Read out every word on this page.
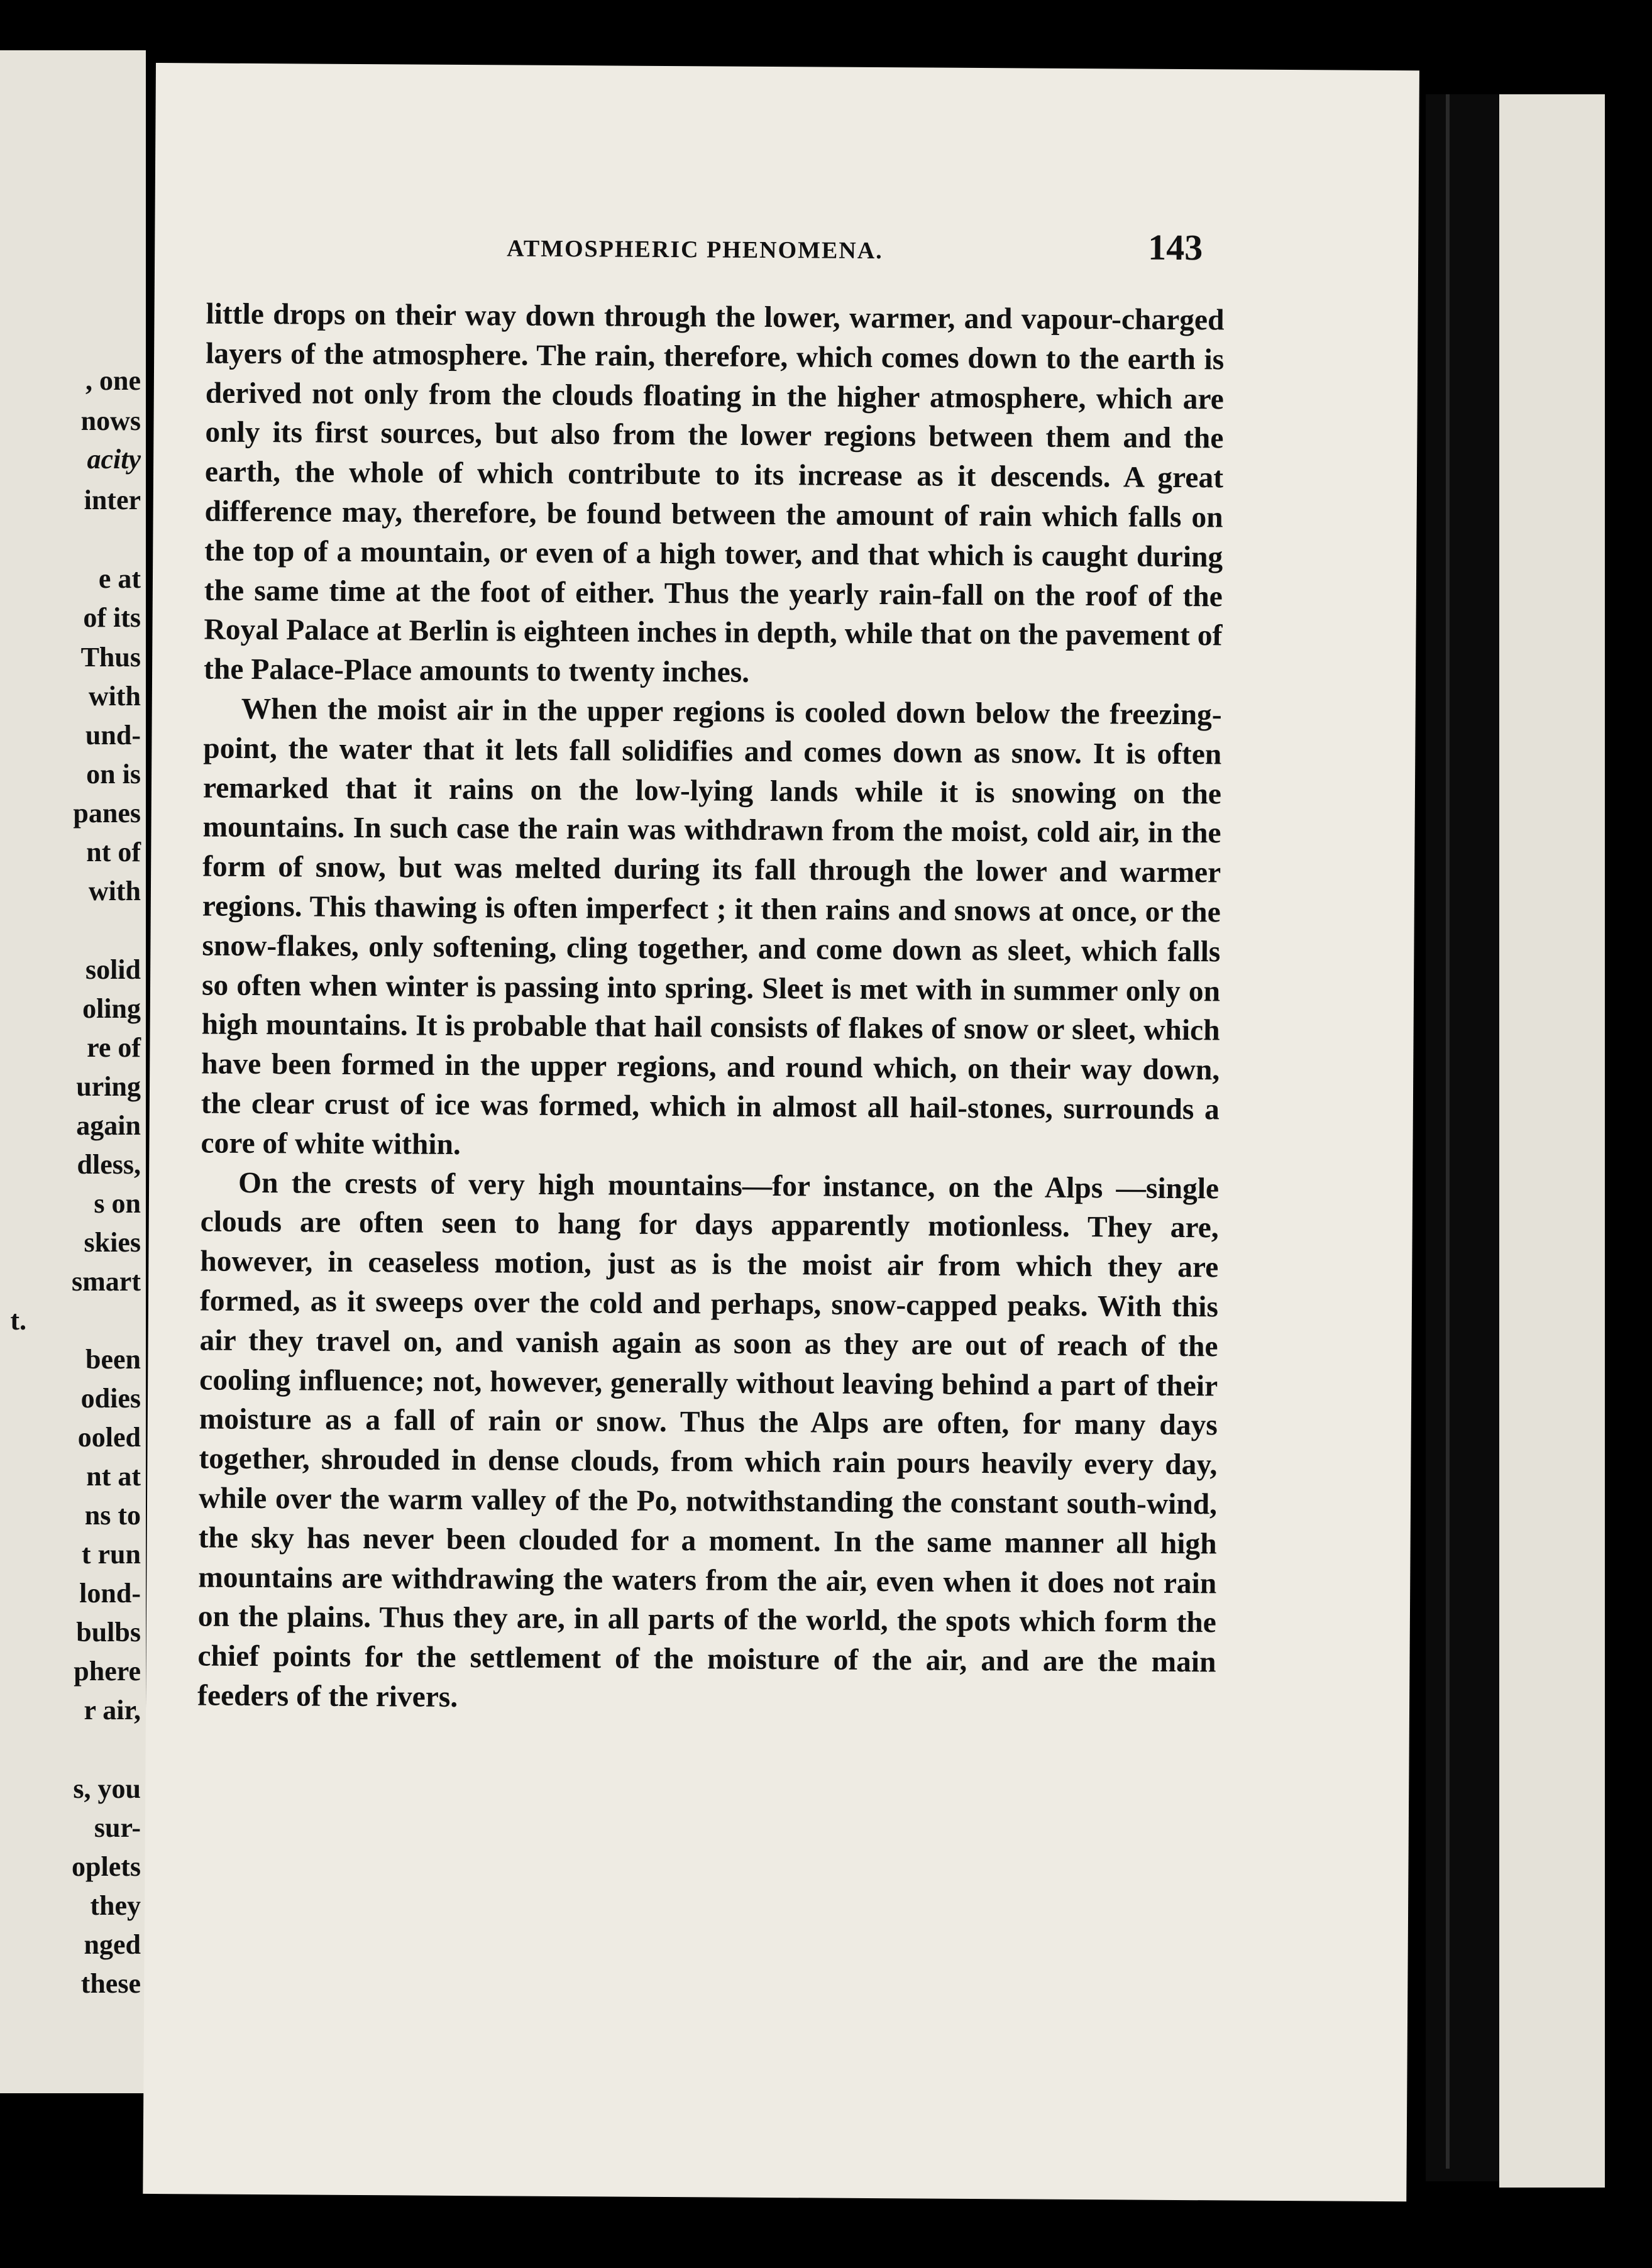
, one
nows
acity
inter
e at
of its
Thus
with
und-
on is
panes
nt of
with
solid
oling
re of
uring
again
dless,
s on
skies
smart
t.
been
odies
ooled
nt at
ns to
t run
lond-
bulbs
phere
r air,
s, you
sur-
oplets
they
nged
these
ATMOSPHERIC PHENOMENA.	143

little drops on their way down through the lower, warmer, and vapour-charged layers of the atmosphere. The rain, therefore, which comes down to the earth is derived not only from the clouds floating in the higher atmosphere, which are only its first sources, but also from the lower regions between them and the earth, the whole of which contribute to its increase as it descends. A great difference may, therefore, be found between the amount of rain which falls on the top of a mountain, or even of a high tower, and that which is caught during the same time at the foot of either. Thus the yearly rain-fall on the roof of the Royal Palace at Berlin is eighteen inches in depth, while that on the pavement of the Palace-Place amounts to twenty inches.

When the moist air in the upper regions is cooled down below the freezing-point, the water that it lets fall solidifies and comes down as snow. It is often remarked that it rains on the low-lying lands while it is snowing on the mountains. In such case the rain was withdrawn from the moist, cold air, in the form of snow, but was melted during its fall through the lower and warmer regions. This thawing is often imperfect ; it then rains and snows at once, or the snow-flakes, only softening, cling together, and come down as sleet, which falls so often when winter is passing into spring. Sleet is met with in summer only on high mountains. It is probable that hail consists of flakes of snow or sleet, which have been formed in the upper regions, and round which, on their way down, the clear crust of ice was formed, which in almost all hail-stones, surrounds a core of white within.

On the crests of very high mountains—for instance, on the Alps —single clouds are often seen to hang for days apparently motionless. They are, however, in ceaseless motion, just as is the moist air from which they are formed, as it sweeps over the cold and perhaps, snow-capped peaks. With this air they travel on, and vanish again as soon as they are out of reach of the cooling influence; not, however, generally without leaving behind a part of their moisture as a fall of rain or snow. Thus the Alps are often, for many days together, shrouded in dense clouds, from which rain pours heavily every day, while over the warm valley of the Po, notwithstanding the constant south-wind, the sky has never been clouded for a moment. In the same manner all high mountains are withdrawing the waters from the air, even when it does not rain on the plains. Thus they are, in all parts of the world, the spots which form the chief points for the settlement of the moisture of the air, and are the main feeders of the rivers.
